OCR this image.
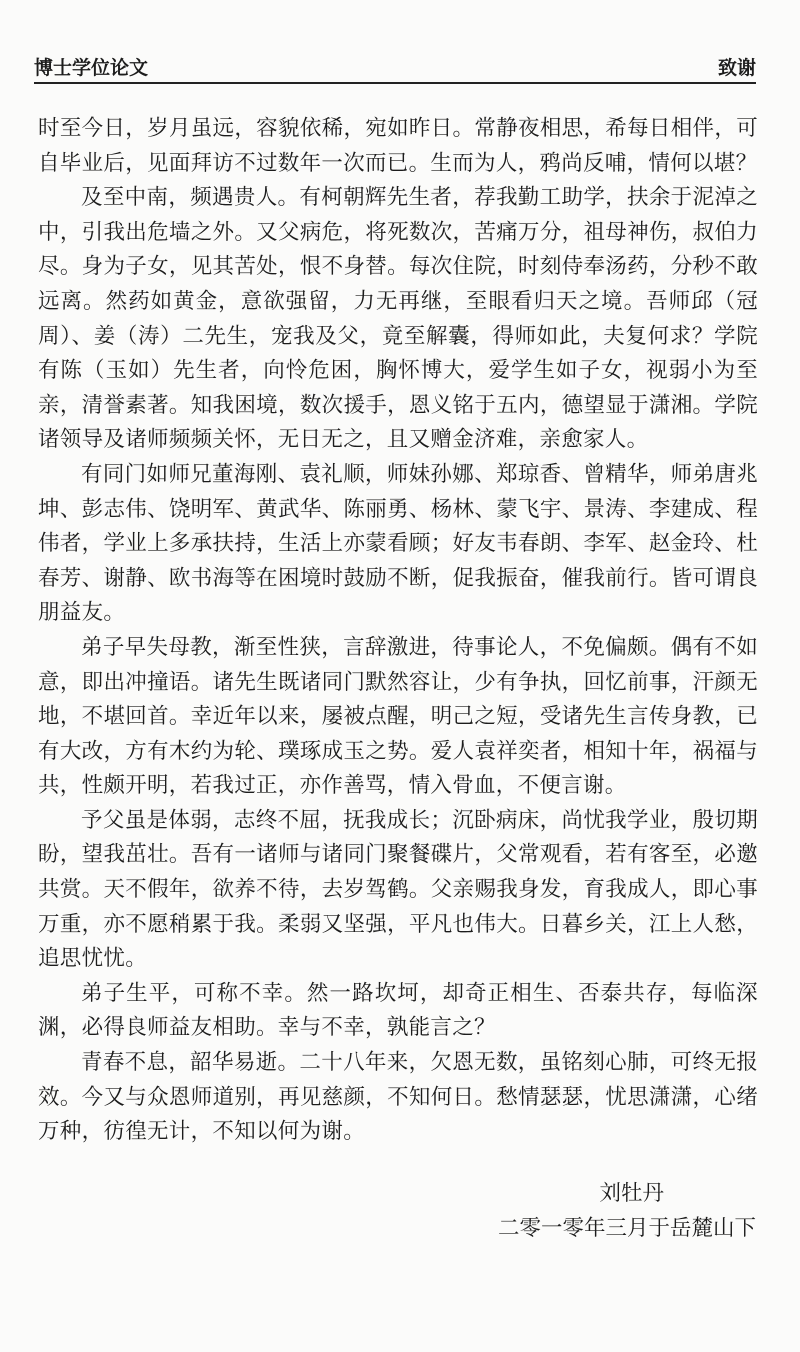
博士学位论文	致谢

时至今日，岁月虽远，容貌依稀，宛如昨日。常静夜相思，希每日相伴，可自毕业后，见面拜访不过数年一次而已。生而为人，鸦尚反哺，情何以堪？

及至中南，频遇贵人。有柯朝辉先生者，荐我勤工助学，扶余于泥淖之中，引我出危墙之外。又父病危，将死数次，苦痛万分，祖母神伤，叔伯力尽。身为子女，见其苦处，恨不身替。每次住院，时刻侍奉汤药，分秒不敢远离。然药如黄金，意欲强留，力无再继，至眼看归天之境。吾师邱（冠周）、姜（涛）二先生，宠我及父，竟至解囊，得师如此，夫复何求？学院有陈（玉如）先生者，向怜危困，胸怀博大，爱学生如子女，视弱小为至亲，清誉素著。知我困境，数次援手，恩义铭于五内，德望显于潇湘。学院诸领导及诸师频频关怀，无日无之，且又赠金济难，亲愈家人。

有同门如师兄董海刚、袁礼顺，师妹孙娜、郑琼香、曾精华，师弟唐兆坤、彭志伟、饶明军、黄武华、陈丽勇、杨林、蒙飞宇、景涛、李建成、程伟者，学业上多承扶持，生活上亦蒙看顾；好友韦春朗、李军、赵金玲、杜春芳、谢静、欧书海等在困境时鼓励不断，促我振奋，催我前行。皆可谓良朋益友。

弟子早失母教，渐至性狭，言辞激进，待事论人，不免偏颇。偶有不如意，即出冲撞语。诸先生既诸同门默然容让，少有争执，回忆前事，汗颜无地，不堪回首。幸近年以来，屡被点醒，明己之短，受诸先生言传身教，已有大改，方有木约为轮、璞琢成玉之势。爱人袁祥奕者，相知十年，祸福与共，性颇开明，若我过正，亦作善骂，情入骨血，不便言谢。

予父虽是体弱，志终不屈，抚我成长；沉卧病床，尚忧我学业，殷切期盼，望我茁壮。吾有一诸师与诸同门聚餐碟片，父常观看，若有客至，必邀共赏。天不假年，欲养不待，去岁驾鹤。父亲赐我身发，育我成人，即心事万重，亦不愿稍累于我。柔弱又坚强，平凡也伟大。日暮乡关，江上人愁，追思忧忧。

弟子生平，可称不幸。然一路坎坷，却奇正相生、否泰共存，每临深渊，必得良师益友相助。幸与不幸，孰能言之？

青春不息，韶华易逝。二十八年来，欠恩无数，虽铭刻心肺，可终无报效。今又与众恩师道别，再见慈颜，不知何日。愁情瑟瑟，忧思潇潇，心绪万种，彷徨无计，不知以何为谢。

刘牡丹
二零一零年三月于岳麓山下
